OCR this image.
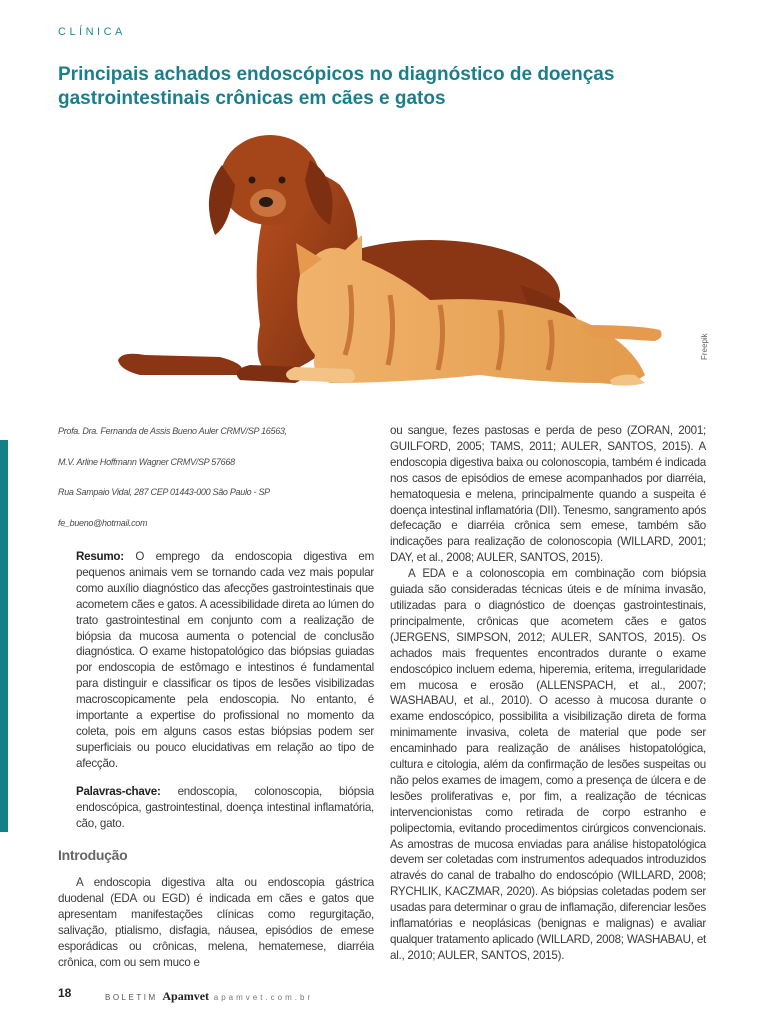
CLÍNICA
Principais achados endoscópicos no diagnóstico de doenças gastrointestinais crônicas em cães e gatos
Freepik
Profa. Dra. Fernanda de Assis Bueno Auler CRMV/SP 16563,
M.V. Arline Hoffmann Wagner CRMV/SP 57668
Rua Sampaio Vidal, 287 CEP 01443-000 São Paulo - SP
fe_bueno@hotmail.com

Resumo: O emprego da endoscopia digestiva em pequenos animais vem se tornando cada vez mais popular como auxílio diagnóstico das afecções gastrointestinais que acometem cães e gatos. A acessibilidade direta ao lúmen do trato gastrointestinal em conjunto com a realização de biópsia da mucosa aumenta o potencial de conclusão diagnóstica. O exame histopatológico das biópsias guiadas por endoscopia de estômago e intestinos é fundamental para distinguir e classificar os tipos de lesões visibilizadas macroscopicamente pela endoscopia. No entanto, é importante a expertise do profissional no momento da coleta, pois em alguns casos estas biópsias podem ser superficiais ou pouco elucidativas em relação ao tipo de afecção.

Palavras-chave: endoscopia, colonoscopia, biópsia endoscópica, gastrointestinal, doença intestinal inflamatória, cão, gato.

Introdução

A endoscopia digestiva alta ou endoscopia gástrica duodenal (EDA ou EGD) é indicada em cães e gatos que apresentam manifestações clínicas como regurgitação, salivação, ptialismo, disfagia, náusea, episódios de emese esporádicas ou crônicas, melena, hematemese, diarréia crônica, com ou sem muco e

ou sangue, fezes pastosas e perda de peso (ZORAN, 2001; GUILFORD, 2005; TAMS, 2011; AULER, SANTOS, 2015). A endoscopia digestiva baixa ou colonoscopia, também é indicada nos casos de episódios de emese acompanhados por diarréia, hematoquesia e melena, principalmente quando a suspeita é doença intestinal inflamatória (DII). Tenesmo, sangramento após defecação e diarréia crônica sem emese, também são indicações para realização de colonoscopia (WILLARD, 2001; DAY, et al., 2008; AULER, SANTOS, 2015).

A EDA e a colonoscopia em combinação com biópsia guiada são consideradas técnicas úteis e de mínima invasão, utilizadas para o diagnóstico de doenças gastrointestinais, principalmente, crônicas que acometem cães e gatos (JERGENS, SIMPSON, 2012; AULER, SANTOS, 2015). Os achados mais frequentes encontrados durante o exame endoscópico incluem edema, hiperemia, eritema, irregularidade em mucosa e erosão (ALLENSPACH, et al., 2007; WASHABAU, et al., 2010). O acesso à mucosa durante o exame endoscópico, possibilita a visibilização direta de forma minimamente invasiva, coleta de material que pode ser encaminhado para realização de análises histopatológica, cultura e citologia, além da confirmação de lesões suspeitas ou não pelos exames de imagem, como a presença de úlcera e de lesões proliferativas e, por fim, a realização de técnicas intervencionistas como retirada de corpo estranho e polipectomia, evitando procedimentos cirúrgicos convencionais. As amostras de mucosa enviadas para análise histopatológica devem ser coletadas com instrumentos adequados introduzidos através do canal de trabalho do endoscópio (WILLARD, 2008; RYCHLIK, KACZMAR, 2020). As biópsias coletadas podem ser usadas para determinar o grau de inflamação, diferenciar lesões inflamatórias e neoplásicas (benignas e malignas) e avaliar qualquer tratamento aplicado (WILLARD, 2008; WASHABAU, et al., 2010; AULER, SANTOS, 2015).

18	BOLETIM Apamvet apamvet.com.br
